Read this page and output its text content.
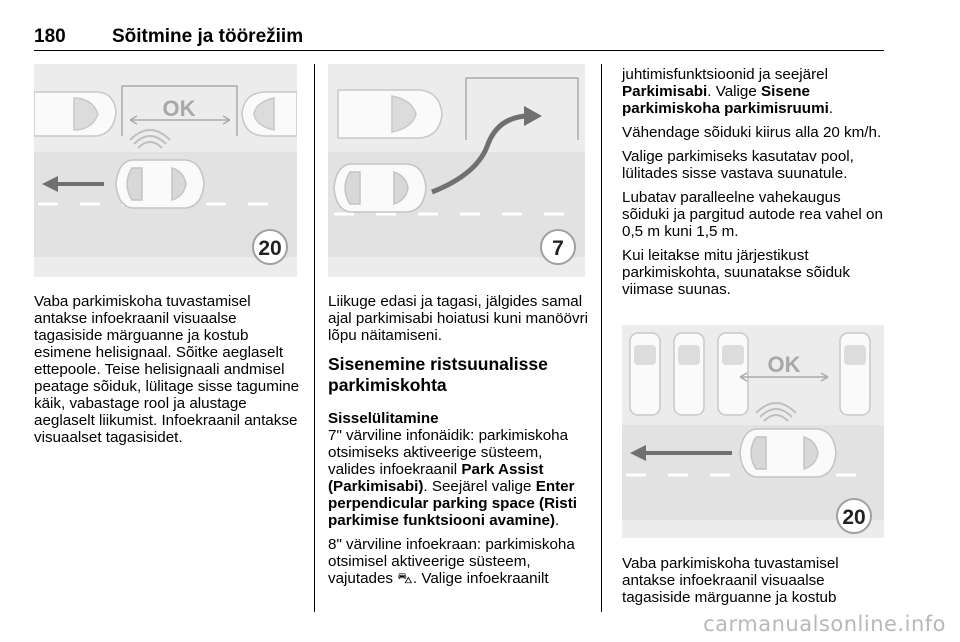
180 Sõitmine ja töörežiim
OK
20	7
OK
20

Vaba parkimiskoha tuvastamisel antakse infoekraanil visuaalse tagasiside märguanne ja kostub esimene helisignaal. Sõitke aeglaselt ettepoole. Teise helisignaali andmisel peatage sõiduk, lülitage sisse tagumine käik, vabastage rool ja alustage aeglaselt liikumist. Infoekraanil antakse visuaalset tagasisidet.

Liikuge edasi ja tagasi, jälgides samal ajal parkimisabi hoiatusi kuni manöövri lõpu näitamiseni.

Sisenemine ristsuunalisse parkimiskohta

Sisselülitamine

7" värviline infonäidik: parkimiskoha otsimiseks aktiveerige süsteem, valides infoekraanil Park Assist (Parkimisabi). Seejärel valige Enter perpendicular parking space (Risti parkimise funktsiooni avamine).

8" värviline infoekraan: parkimiskoha otsimisel aktiveerige süsteem, vajutades ⛍. Valige infoekraanilt

juhtimisfunktsioonid ja seejärel Parkimisabi. Valige Sisene parkimiskoha parkimisruumi.

Vähendage sõiduki kiirus alla 20 km/h.

Valige parkimiseks kasutatav pool, lülitades sisse vastava suunatule.

Lubatav paralleelne vahekaugus sõiduki ja pargitud autode rea vahel on 0,5 m kuni 1,5 m.

Kui leitakse mitu järjestikust parkimiskohta, suunatakse sõiduk viimase suunas.

Vaba parkimiskoha tuvastamisel antakse infoekraanil visuaalse tagasiside märguanne ja kostub

carmanualsonline.info
